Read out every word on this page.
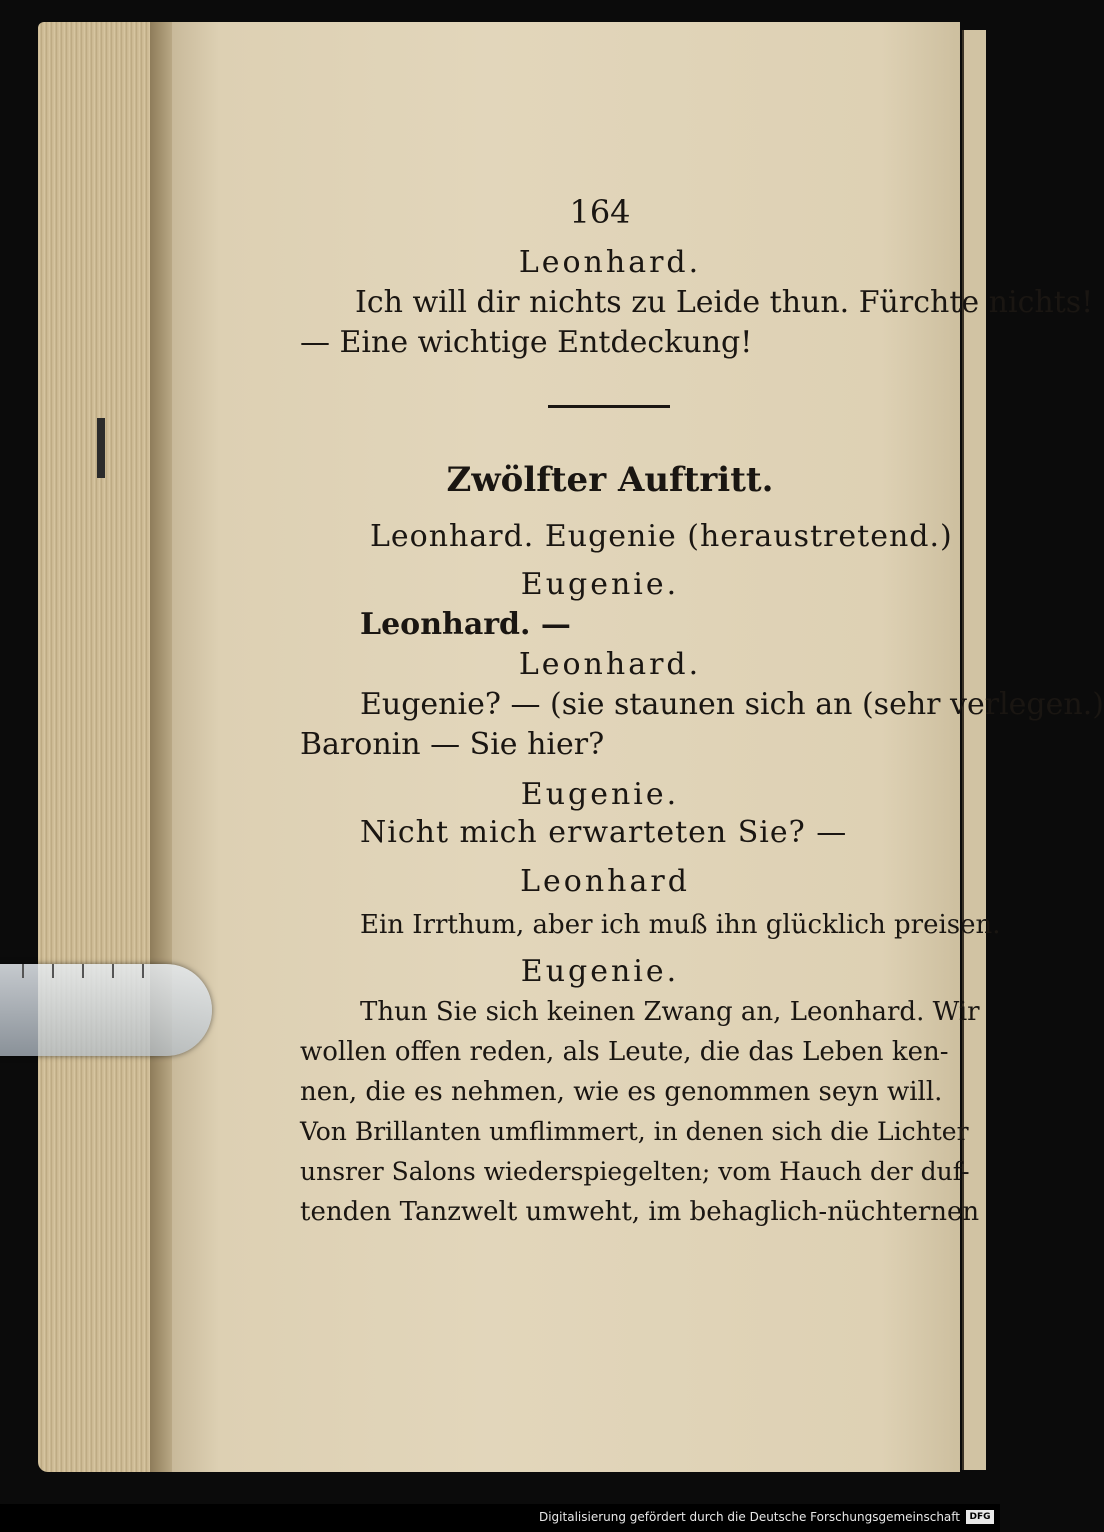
164
Leonhard.
Ich will dir nichts zu Leide thun. Fürchte nichts!
— Eine wichtige Entdeckung!
Zwölfter Auftritt.
Leonhard. Eugenie (heraustretend.)
Eugenie.
Leonhard. —
Leonhard.
Eugenie? — (sie staunen sich an (sehr verlegen.)
Baronin — Sie hier?
Eugenie.
Nicht mich erwarteten Sie? —
Leonhard
Ein Irrthum, aber ich muß ihn glücklich preisen.
Eugenie.
Thun Sie sich keinen Zwang an, Leonhard. Wir
wollen offen reden, als Leute, die das Leben ken-
nen, die es nehmen, wie es genommen seyn will.
Von Brillanten umflimmert, in denen sich die Lichter
unsrer Salons wiederspiegelten; vom Hauch der duf-
tenden Tanzwelt umweht, im behaglich-nüchternen
Digitalisierung gefördert durch die Deutsche Forschungsgemeinschaft	DFG
